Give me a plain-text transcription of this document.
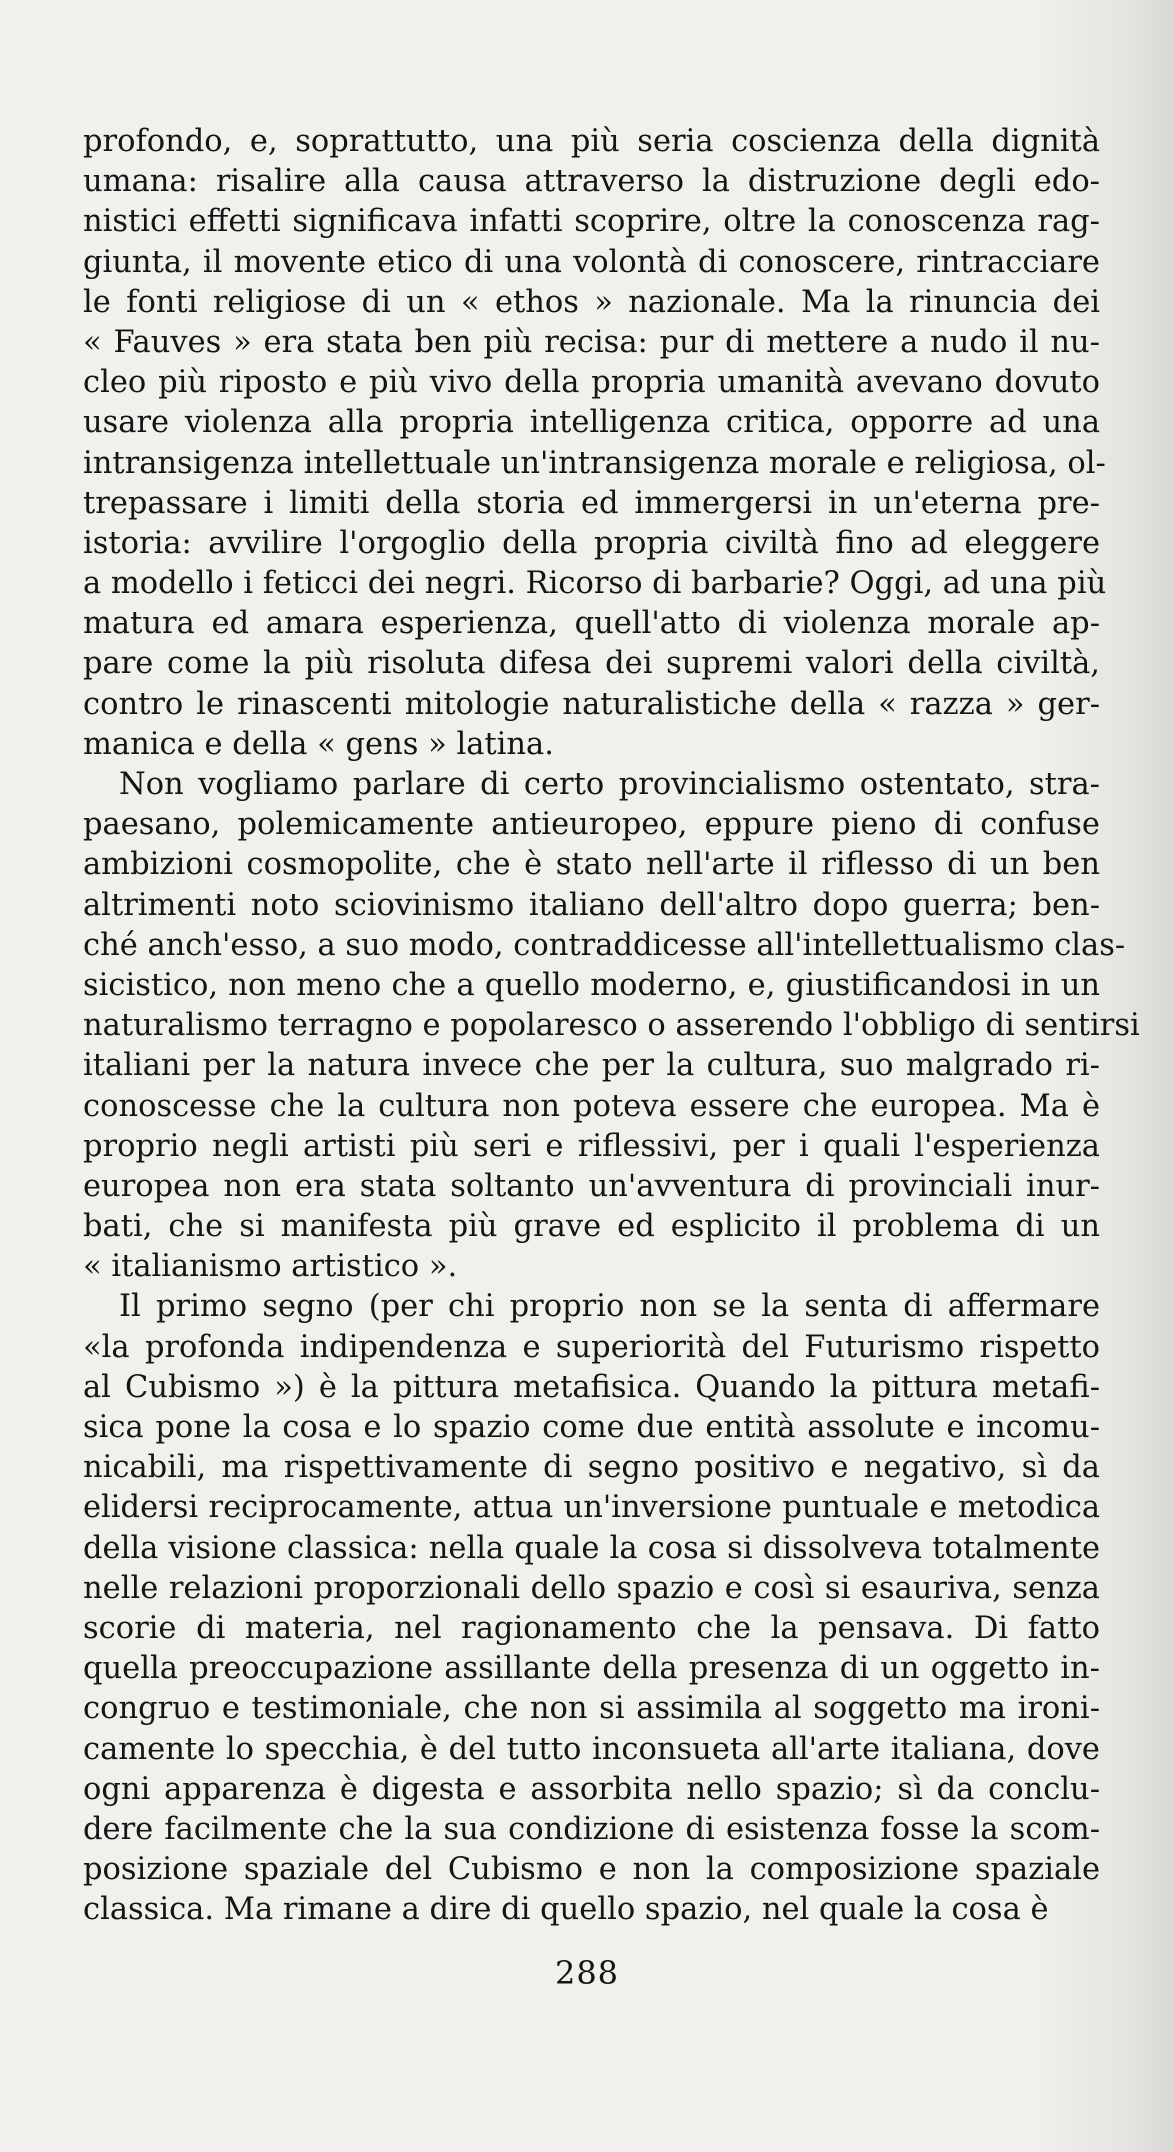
profondo, e, soprattutto, una più seria coscienza della dignità
umana: risalire alla causa attraverso la distruzione degli edo-
nistici effetti significava infatti scoprire, oltre la conoscenza rag-
giunta, il movente etico di una volontà di conoscere, rintracciare
le fonti religiose di un « ethos » nazionale. Ma la rinuncia dei
« Fauves » era stata ben più recisa: pur di mettere a nudo il nu-
cleo più riposto e più vivo della propria umanità avevano dovuto
usare violenza alla propria intelligenza critica, opporre ad una
intransigenza intellettuale un'intransigenza morale e religiosa, ol-
trepassare i limiti della storia ed immergersi in un'eterna pre-
istoria: avvilire l'orgoglio della propria civiltà fino ad eleggere
a modello i feticci dei negri. Ricorso di barbarie? Oggi, ad una più
matura ed amara esperienza, quell'atto di violenza morale ap-
pare come la più risoluta difesa dei supremi valori della civiltà,
contro le rinascenti mitologie naturalistiche della « razza » ger-
manica e della « gens » latina.
Non vogliamo parlare di certo provincialismo ostentato, stra-
paesano, polemicamente antieuropeo, eppure pieno di confuse
ambizioni cosmopolite, che è stato nell'arte il riflesso di un ben
altrimenti noto sciovinismo italiano dell'altro dopo guerra; ben-
ché anch'esso, a suo modo, contraddicesse all'intellettualismo clas-
sicistico, non meno che a quello moderno, e, giustificandosi in un
naturalismo terragno e popolaresco o asserendo l'obbligo di sentirsi
italiani per la natura invece che per la cultura, suo malgrado ri-
conoscesse che la cultura non poteva essere che europea. Ma è
proprio negli artisti più seri e riflessivi, per i quali l'esperienza
europea non era stata soltanto un'avventura di provinciali inur-
bati, che si manifesta più grave ed esplicito il problema di un
« italianismo artistico ».
Il primo segno (per chi proprio non se la senta di affermare
«la profonda indipendenza e superiorità del Futurismo rispetto
al Cubismo ») è la pittura metafisica. Quando la pittura metafi-
sica pone la cosa e lo spazio come due entità assolute e incomu-
nicabili, ma rispettivamente di segno positivo e negativo, sì da
elidersi reciprocamente, attua un'inversione puntuale e metodica
della visione classica: nella quale la cosa si dissolveva totalmente
nelle relazioni proporzionali dello spazio e così si esauriva, senza
scorie di materia, nel ragionamento che la pensava. Di fatto
quella preoccupazione assillante della presenza di un oggetto in-
congruo e testimoniale, che non si assimila al soggetto ma ironi-
camente lo specchia, è del tutto inconsueta all'arte italiana, dove
ogni apparenza è digesta e assorbita nello spazio; sì da conclu-
dere facilmente che la sua condizione di esistenza fosse la scom-
posizione spaziale del Cubismo e non la composizione spaziale
classica. Ma rimane a dire di quello spazio, nel quale la cosa è
288
